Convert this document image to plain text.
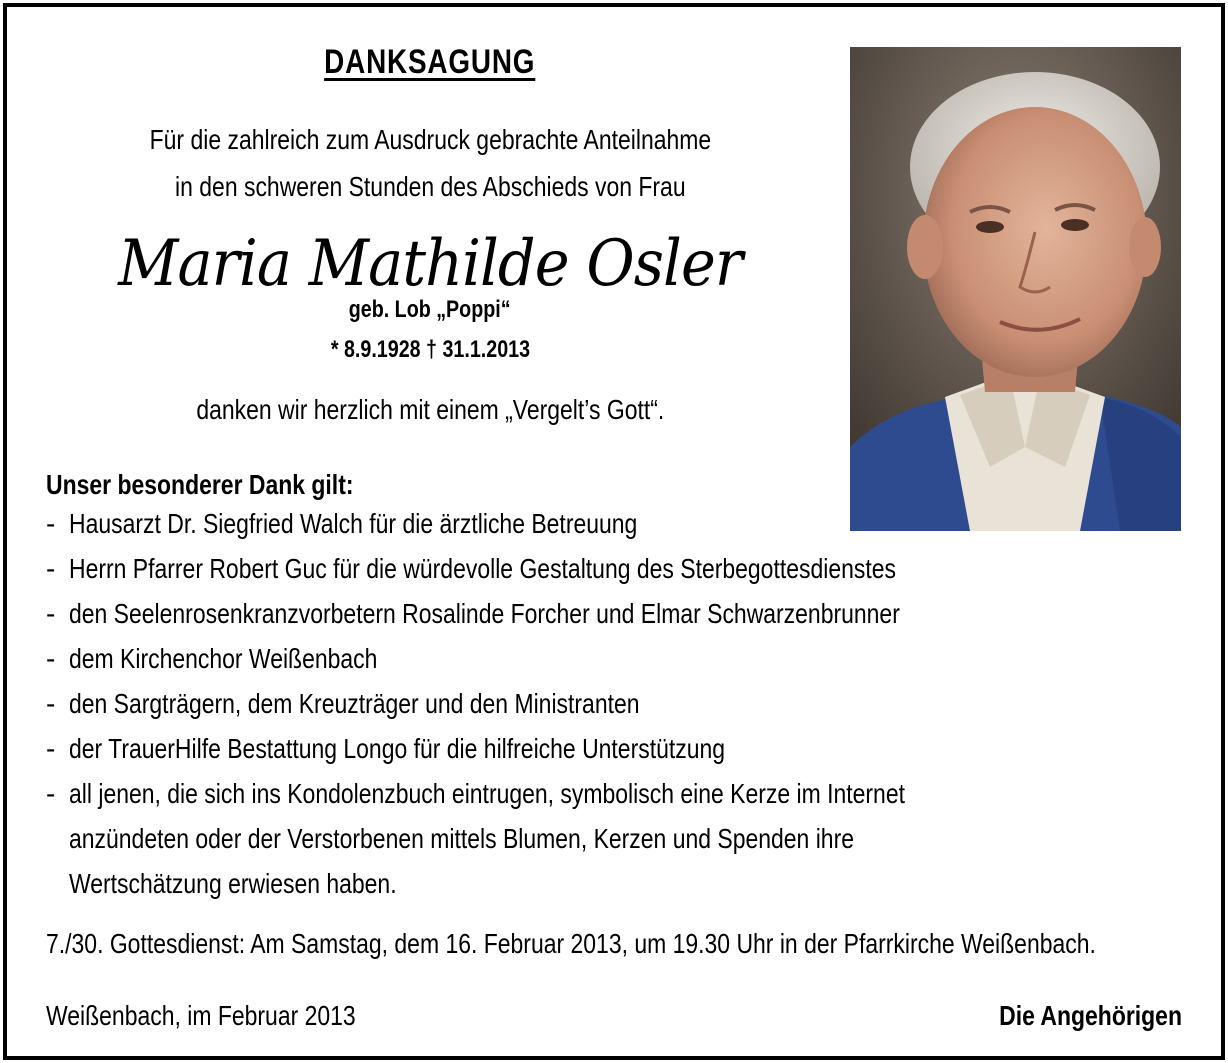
DANKSAGUNG
Für die zahlreich zum Ausdruck gebrachte Anteilnahme
in den schweren Stunden des Abschieds von Frau
Maria Mathilde Osler
geb. Lob „Poppi“
* 8.9.1928 † 31.1.2013
danken wir herzlich mit einem „Vergelt’s Gott“.
Unser besonderer Dank gilt:
- Hausarzt Dr. Siegfried Walch für die ärztliche Betreuung
- Herrn Pfarrer Robert Guc für die würdevolle Gestaltung des Sterbegottesdienstes
- den Seelenrosenkranzvorbetern Rosalinde Forcher und Elmar Schwarzenbrunner
- dem Kirchenchor Weißenbach
- den Sargträgern, dem Kreuzträger und den Ministranten
- der TrauerHilfe Bestattung Longo für die hilfreiche Unterstützung
- all jenen, die sich ins Kondolenzbuch eintrugen, symbolisch eine Kerze im Internet
anzündeten oder der Verstorbenen mittels Blumen, Kerzen und Spenden ihre
Wertschätzung erwiesen haben.
7./30. Gottesdienst: Am Samstag, dem 16. Februar 2013, um 19.30 Uhr in der Pfarrkirche Weißenbach.
Weißenbach, im Februar 2013	Die Angehörigen
